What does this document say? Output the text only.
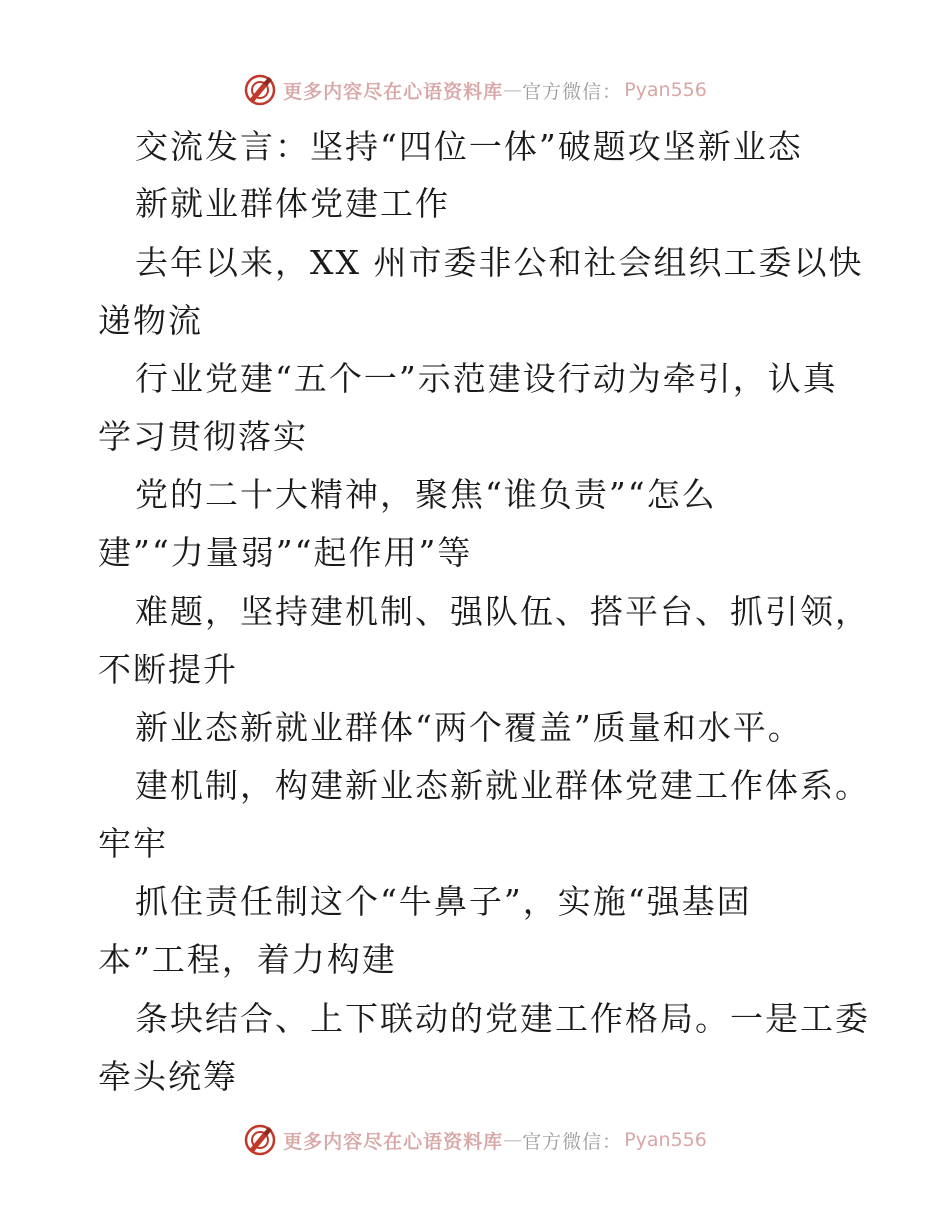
更多内容尽在心语资料库 — 官方微信： Pyan556
交流发言：坚持“四位一体”破题攻坚新业态
新就业群体党建工作
去年以来，XX 州市委非公和社会组织工委以快
递物流
行业党建“五个一”示范建设行动为牵引，认真
学习贯彻落实
党的二十大精神，聚焦“谁负责”“怎么
建”“力量弱”“起作用”等
难题，坚持建机制、强队伍、搭平台、抓引领，
不断提升
新业态新就业群体“两个覆盖”质量和水平。
建机制，构建新业态新就业群体党建工作体系。
牢牢
抓住责任制这个“牛鼻子”，实施“强基固
本”工程，着力构建
条块结合、上下联动的党建工作格局。一是工委
牵头统筹
更多内容尽在心语资料库 — 官方微信： Pyan556
